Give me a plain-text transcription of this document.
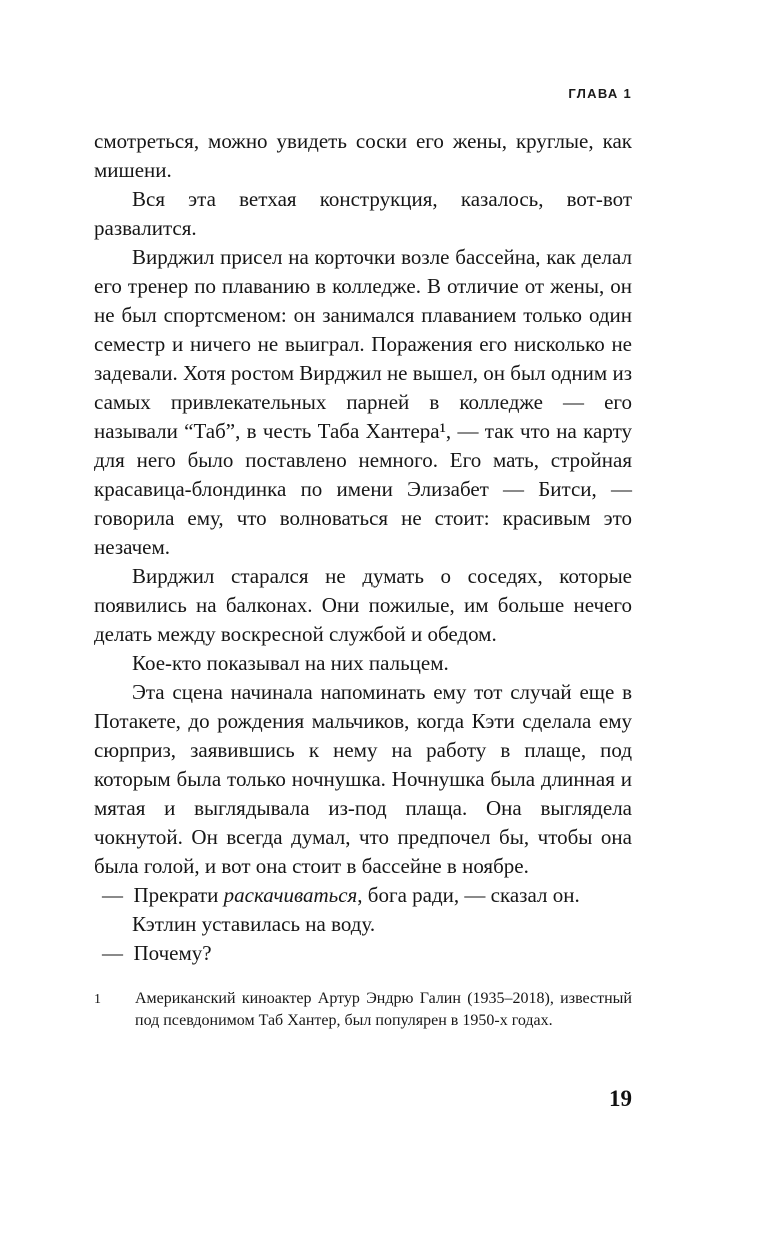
ГЛАВА 1

смотреться, можно увидеть соски его жены, круглые, как мишени.

Вся эта ветхая конструкция, казалось, вот-вот развалится.

Вирджил присел на корточки возле бассейна, как делал его тренер по плаванию в колледже. В отличие от жены, он не был спортсменом: он занимался плаванием только один семестр и ничего не выиграл. Поражения его нисколько не задевали. Хотя ростом Вирджил не вышел, он был одним из самых привлекательных парней в колледже — его называли “Таб”, в честь Таба Хантера¹, — так что на карту для него было поставлено немного. Его мать, стройная красавица-блондинка по имени Элизабет — Битси, — говорила ему, что волноваться не стоит: красивым это незачем.

Вирджил старался не думать о соседях, которые появились на балконах. Они пожилые, им больше нечего делать между воскресной службой и обедом.

Кое-кто показывал на них пальцем.

Эта сцена начинала напоминать ему тот случай еще в Потакете, до рождения мальчиков, когда Кэти сделала ему сюрприз, заявившись к нему на работу в плаще, под которым была только ночнушка. Ночнушка была длинная и мятая и выглядывала из-под плаща. Она выглядела чокнутой. Он всегда думал, что предпочел бы, чтобы она была голой, и вот она стоит в бассейне в ноябре.

— Прекрати раскачиваться, бога ради, — сказал он.

Кэтлин уставилась на воду.

— Почему?

1	Американский киноактер Артур Эндрю Галин (1935–2018), известный под псевдонимом Таб Хантер, был популярен в 1950-х годах.
19
